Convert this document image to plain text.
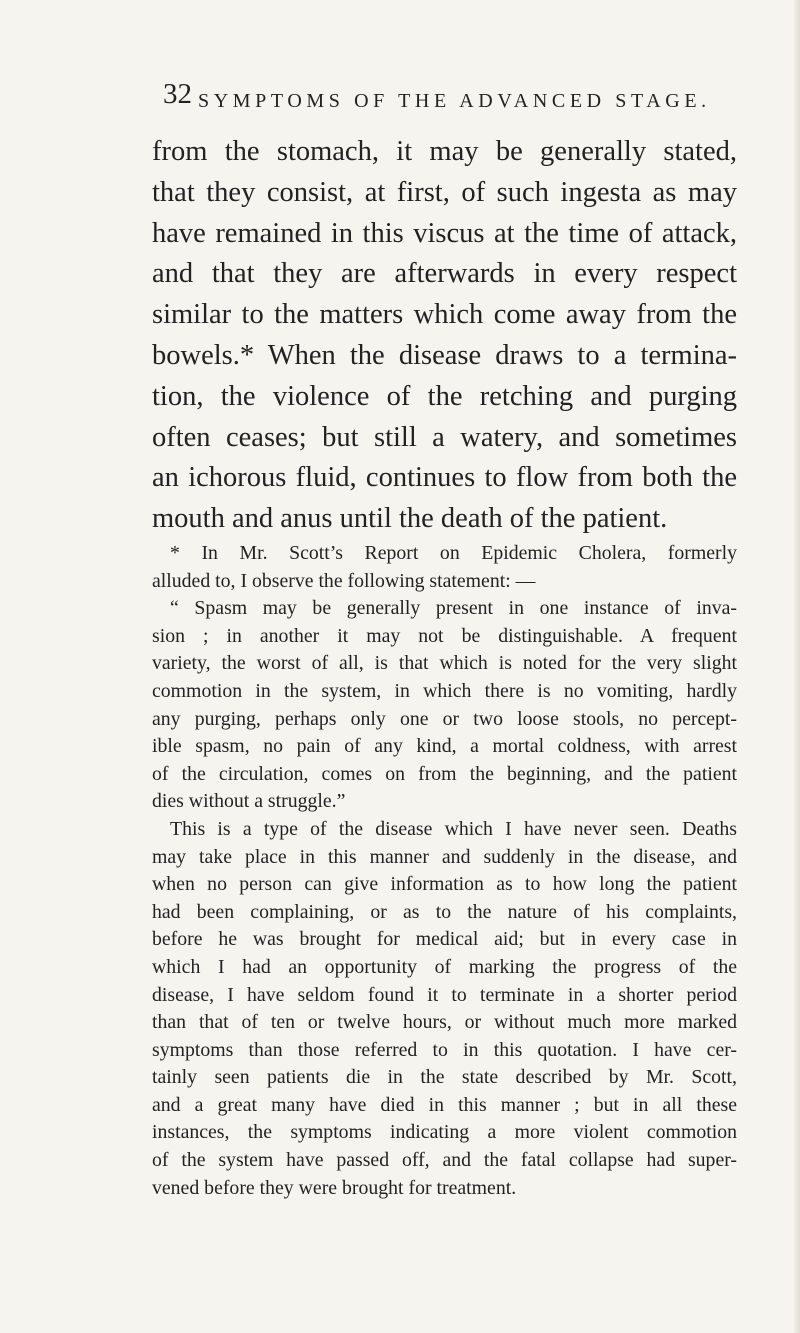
32 SYMPTOMS OF THE ADVANCED STAGE.
from the stomach, it may be generally stated,
that they consist, at first, of such ingesta as may
have remained in this viscus at the time of attack,
and that they are afterwards in every respect
similar to the matters which come away from the
bowels.* When the disease draws to a termina-
tion, the violence of the retching and purging
often ceases; but still a watery, and sometimes
an ichorous fluid, continues to flow from both the
mouth and anus until the death of the patient.
* In Mr. Scott’s Report on Epidemic Cholera, formerly
alluded to, I observe the following statement: —
“ Spasm may be generally present in one instance of inva-
sion ; in another it may not be distinguishable. A frequent
variety, the worst of all, is that which is noted for the very slight
commotion in the system, in which there is no vomiting, hardly
any purging, perhaps only one or two loose stools, no percept-
ible spasm, no pain of any kind, a mortal coldness, with arrest
of the circulation, comes on from the beginning, and the patient
dies without a struggle.”
This is a type of the disease which I have never seen. Deaths
may take place in this manner and suddenly in the disease, and
when no person can give information as to how long the patient
had been complaining, or as to the nature of his complaints,
before he was brought for medical aid; but in every case in
which I had an opportunity of marking the progress of the
disease, I have seldom found it to terminate in a shorter period
than that of ten or twelve hours, or without much more marked
symptoms than those referred to in this quotation. I have cer-
tainly seen patients die in the state described by Mr. Scott,
and a great many have died in this manner ; but in all these
instances, the symptoms indicating a more violent commotion
of the system have passed off, and the fatal collapse had super-
vened before they were brought for treatment.
